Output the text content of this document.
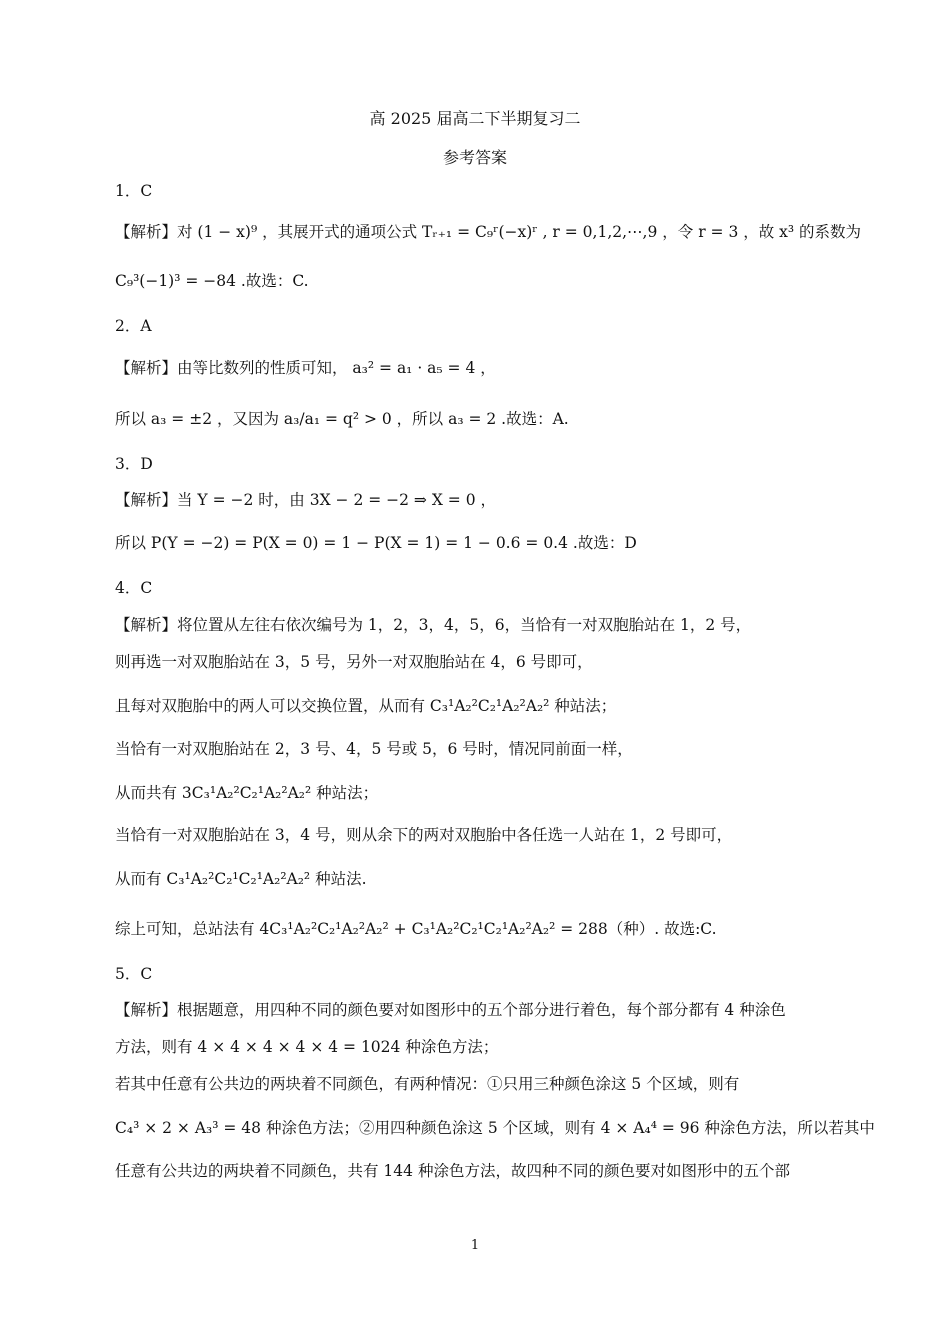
高 2025 届高二下半期复习二
参考答案
1．C
【解析】对 (1 − x)⁹ ，其展开式的通项公式 Tᵣ₊₁ = C₉ʳ(−x)ʳ , r = 0,1,2,⋯,9 ，令 r = 3 ，故 x³ 的系数为
C₉³(−1)³ = −84 .故选：C.
2．A
【解析】由等比数列的性质可知， a₃² = a₁ · a₅ = 4 ，
所以 a₃ = ±2 ，又因为 a₃/a₁ = q² > 0 ，所以 a₃ = 2 .故选：A.
3．D
【解析】当 Y = −2 时，由 3X − 2 = −2 ⇒ X = 0 ，
所以 P(Y = −2) = P(X = 0) = 1 − P(X = 1) = 1 − 0.6 = 0.4 .故选：D
4．C
【解析】将位置从左往右依次编号为 1，2，3，4，5，6，当恰有一对双胞胎站在 1，2 号，
则再选一对双胞胎站在 3，5 号，另外一对双胞胎站在 4，6 号即可，
且每对双胞胎中的两人可以交换位置，从而有 C₃¹A₂²C₂¹A₂²A₂² 种站法；
当恰有一对双胞胎站在 2，3 号、4，5 号或 5，6 号时，情况同前面一样，
从而共有 3C₃¹A₂²C₂¹A₂²A₂² 种站法；
当恰有一对双胞胎站在 3，4 号，则从余下的两对双胞胎中各任选一人站在 1，2 号即可，
从而有 C₃¹A₂²C₂¹C₂¹A₂²A₂² 种站法.
综上可知，总站法有 4C₃¹A₂²C₂¹A₂²A₂² + C₃¹A₂²C₂¹C₂¹A₂²A₂² = 288（种）. 故选:C.
5．C
【解析】根据题意，用四种不同的颜色要对如图形中的五个部分进行着色，每个部分都有 4 种涂色
方法，则有 4 × 4 × 4 × 4 × 4 = 1024 种涂色方法；
若其中任意有公共边的两块着不同颜色，有两种情况：①只用三种颜色涂这 5 个区域，则有
C₄³ × 2 × A₃³ = 48 种涂色方法；②用四种颜色涂这 5 个区域，则有 4 × A₄⁴ = 96 种涂色方法，所以若其中
任意有公共边的两块着不同颜色，共有 144 种涂色方法，故四种不同的颜色要对如图形中的五个部
1
